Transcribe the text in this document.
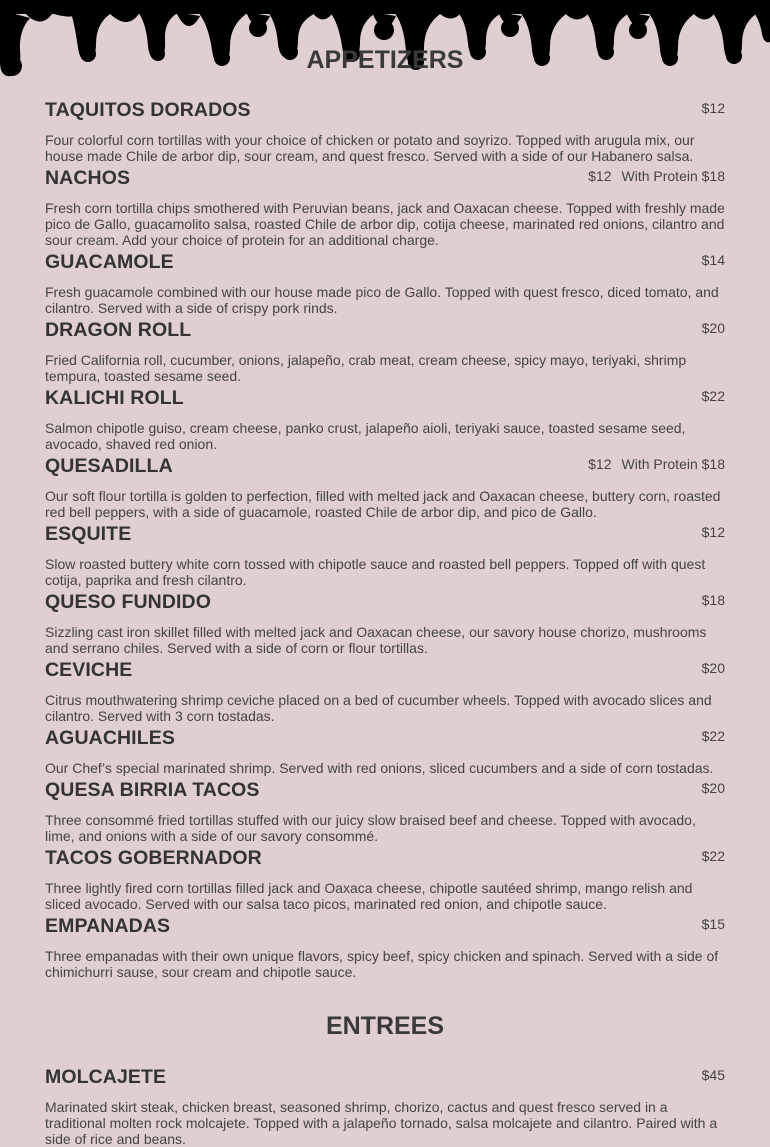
APPETIZERS
TAQUITOS DORADOS	$12
Four colorful corn tortillas with your choice of chicken or potato and soyrizo. Topped with arugula mix, our house made Chile de arbor dip, sour cream, and quest fresco. Served with a side of our Habanero salsa.
NACHOS	$12 With Protein $18
Fresh corn tortilla chips smothered with Peruvian beans, jack and Oaxacan cheese. Topped with freshly made pico de Gallo, guacamolito salsa, roasted Chile de arbor dip, cotija cheese, marinated red onions, cilantro and sour cream. Add your choice of protein for an additional charge.
GUACAMOLE	$14
Fresh guacamole combined with our house made pico de Gallo. Topped with quest fresco, diced tomato, and cilantro. Served with a side of crispy pork rinds.
DRAGON ROLL	$20
Fried California roll, cucumber, onions, jalapeño, crab meat, cream cheese, spicy mayo, teriyaki, shrimp tempura, toasted sesame seed.
KALICHI ROLL	$22
Salmon chipotle guiso, cream cheese, panko crust, jalapeño aioli, teriyaki sauce, toasted sesame seed, avocado, shaved red onion.
QUESADILLA	$12 With Protein $18
Our soft flour tortilla is golden to perfection, filled with melted jack and Oaxacan cheese, buttery corn, roasted red bell peppers, with a side of guacamole, roasted Chile de arbor dip, and pico de Gallo.
ESQUITE	$12
Slow roasted buttery white corn tossed with chipotle sauce and roasted bell peppers. Topped off with quest cotija, paprika and fresh cilantro.
QUESO FUNDIDO	$18
Sizzling cast iron skillet filled with melted jack and Oaxacan cheese, our savory house chorizo, mushrooms and serrano chiles. Served with a side of corn or flour tortillas.
CEVICHE	$20
Citrus mouthwatering shrimp ceviche placed on a bed of cucumber wheels. Topped with avocado slices and cilantro. Served with 3 corn tostadas.
AGUACHILES	$22
Our Chef’s special marinated shrimp. Served with red onions, sliced cucumbers and a side of corn tostadas.
QUESA BIRRIA TACOS	$20
Three consommé fried tortillas stuffed with our juicy slow braised beef and cheese. Topped with avocado, lime, and onions with a side of our savory consommé.
TACOS GOBERNADOR	$22
Three lightly fired corn tortillas filled jack and Oaxaca cheese, chipotle sautéed shrimp, mango relish and sliced avocado. Served with our salsa taco picos, marinated red onion, and chipotle sauce.
EMPANADAS	$15
Three empanadas with their own unique flavors, spicy beef, spicy chicken and spinach. Served with a side of chimichurri sause, sour cream and chipotle sauce.
ENTREES
MOLCAJETE	$45
Marinated skirt steak, chicken breast, seasoned shrimp, chorizo, cactus and quest fresco served in a traditional molten rock molcajete. Topped with a jalapeño tornado, salsa molcajete and cilantro. Paired with a side of rice and beans.
